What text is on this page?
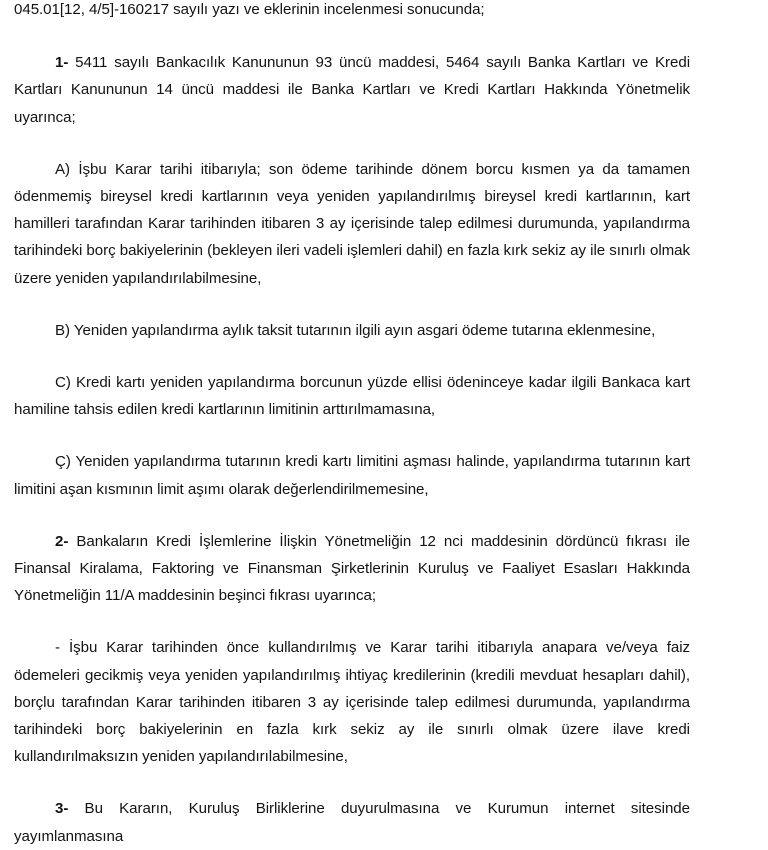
045.01[12, 4/5]-160217 sayılı yazı ve eklerinin incelenmesi sonucunda;

1- 5411 sayılı Bankacılık Kanununun 93 üncü maddesi, 5464 sayılı Banka Kartları ve Kredi Kartları Kanununun 14 üncü maddesi ile Banka Kartları ve Kredi Kartları Hakkında Yönetmelik uyarınca;

A) İşbu Karar tarihi itibarıyla; son ödeme tarihinde dönem borcu kısmen ya da tamamen ödenmemiş bireysel kredi kartlarının veya yeniden yapılandırılmış bireysel kredi kartlarının, kart hamilleri tarafından Karar tarihinden itibaren 3 ay içerisinde talep edilmesi durumunda, yapılandırma tarihindeki borç bakiyelerinin (bekleyen ileri vadeli işlemleri dahil) en fazla kırk sekiz ay ile sınırlı olmak üzere yeniden yapılandırılabilmesine,

B) Yeniden yapılandırma aylık taksit tutarının ilgili ayın asgari ödeme tutarına eklenmesine,

C) Kredi kartı yeniden yapılandırma borcunun yüzde ellisi ödeninceye kadar ilgili Bankaca kart hamiline tahsis edilen kredi kartlarının limitinin arttırılmamasına,

Ç) Yeniden yapılandırma tutarının kredi kartı limitini aşması halinde, yapılandırma tutarının kart limitini aşan kısmının limit aşımı olarak değerlendirilmemesine,

2- Bankaların Kredi İşlemlerine İlişkin Yönetmeliğin 12 nci maddesinin dördüncü fıkrası ile Finansal Kiralama, Faktoring ve Finansman Şirketlerinin Kuruluş ve Faaliyet Esasları Hakkında Yönetmeliğin 11/A maddesinin beşinci fıkrası uyarınca;

- İşbu Karar tarihinden önce kullandırılmış ve Karar tarihi itibarıyla anapara ve/veya faiz ödemeleri gecikmiş veya yeniden yapılandırılmış ihtiyaç kredilerinin (kredili mevduat hesapları dahil), borçlu tarafından Karar tarihinden itibaren 3 ay içerisinde talep edilmesi durumunda, yapılandırma tarihindeki borç bakiyelerinin en fazla kırk sekiz ay ile sınırlı olmak üzere ilave kredi kullandırılmaksızın yeniden yapılandırılabilmesine,

3- Bu Kararın, Kuruluş Birliklerine duyurulmasına ve Kurumun internet sitesinde yayımlanmasına
